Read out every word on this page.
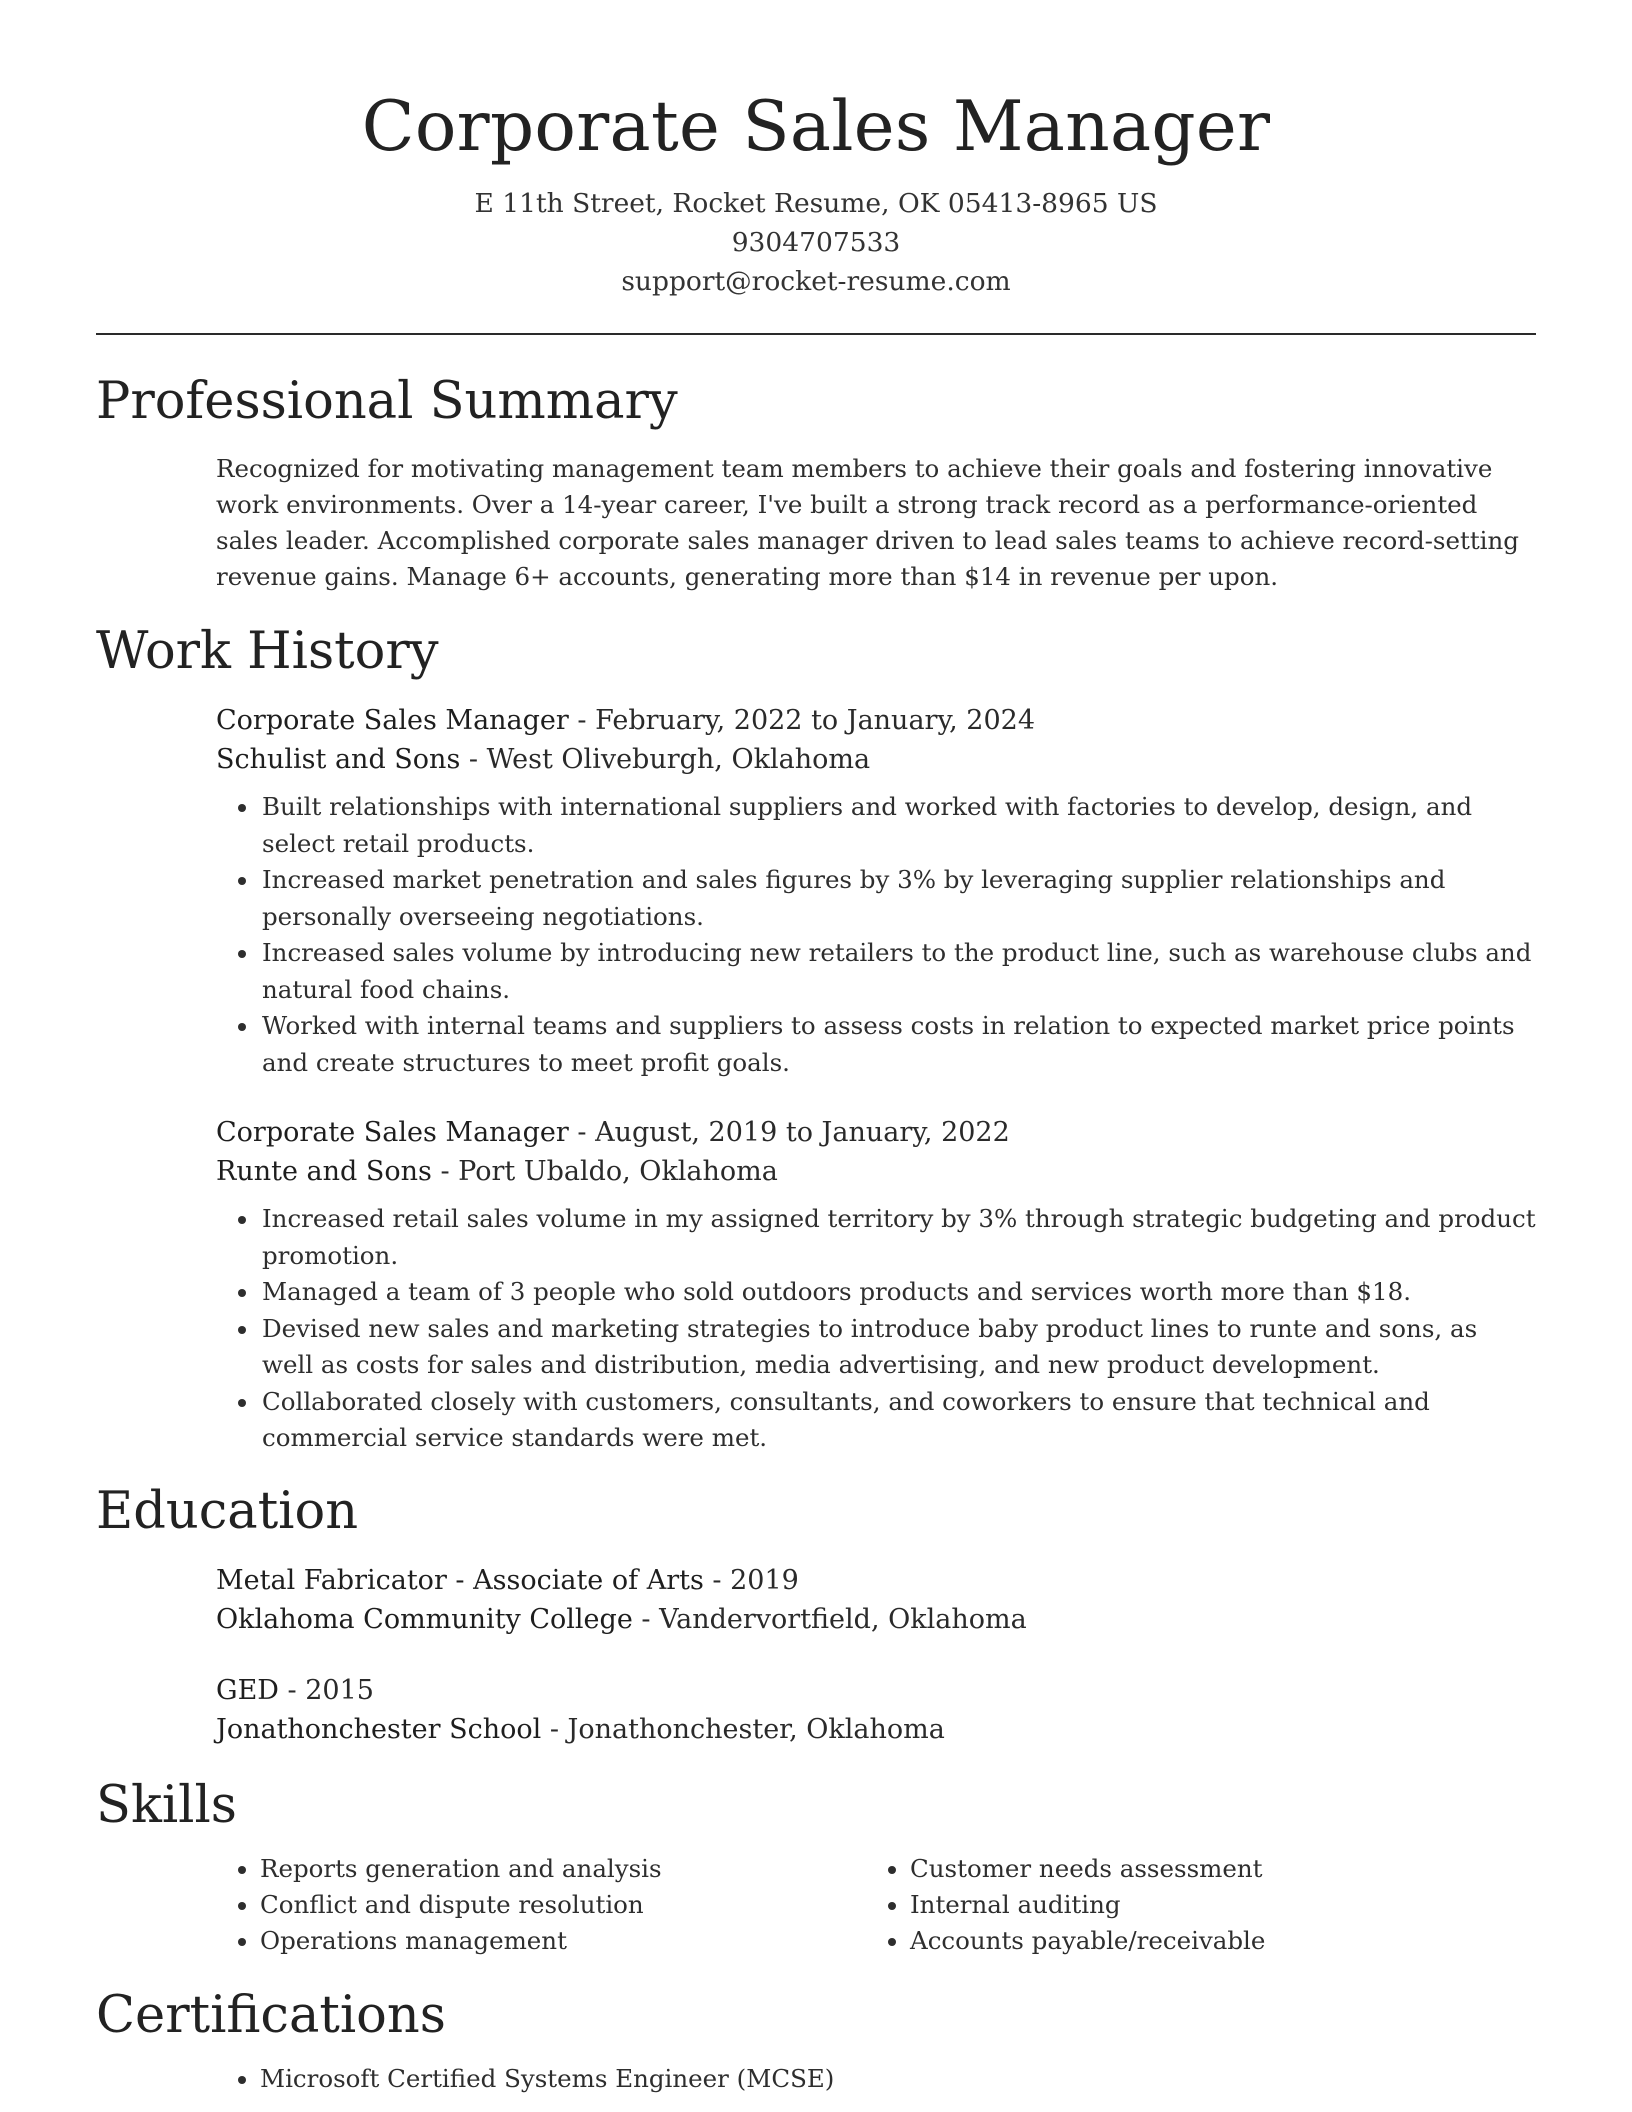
Corporate Sales Manager
E 11th Street, Rocket Resume, OK 05413-8965 US
9304707533
support@rocket-resume.com
Professional Summary

Recognized for motivating management team members to achieve their goals and fostering innovative work environments. Over a 14-year career, I've built a strong track record as a performance-oriented sales leader. Accomplished corporate sales manager driven to lead sales teams to achieve record-setting revenue gains. Manage 6+ accounts, generating more than $14 in revenue per upon.

Work History
Corporate Sales Manager - February, 2022 to January, 2024
Schulist and Sons - West Oliveburgh, Oklahoma
• Built relationships with international suppliers and worked with factories to develop, design, and select retail products.
• Increased market penetration and sales figures by 3% by leveraging supplier relationships and personally overseeing negotiations.
• Increased sales volume by introducing new retailers to the product line, such as warehouse clubs and natural food chains.
• Worked with internal teams and suppliers to assess costs in relation to expected market price points and create structures to meet profit goals.
Corporate Sales Manager - August, 2019 to January, 2022
Runte and Sons - Port Ubaldo, Oklahoma
• Increased retail sales volume in my assigned territory by 3% through strategic budgeting and product promotion.
• Managed a team of 3 people who sold outdoors products and services worth more than $18.
• Devised new sales and marketing strategies to introduce baby product lines to runte and sons, as well as costs for sales and distribution, media advertising, and new product development.
• Collaborated closely with customers, consultants, and coworkers to ensure that technical and commercial service standards were met.
Education
Metal Fabricator - Associate of Arts - 2019
Oklahoma Community College - Vandervortfield, Oklahoma
GED - 2015
Jonathonchester School - Jonathonchester, Oklahoma
Skills
• Reports generation and analysis
• Conflict and dispute resolution
• Operations management
• Customer needs assessment
• Internal auditing
• Accounts payable/receivable
Certifications
• Microsoft Certified Systems Engineer (MCSE)
